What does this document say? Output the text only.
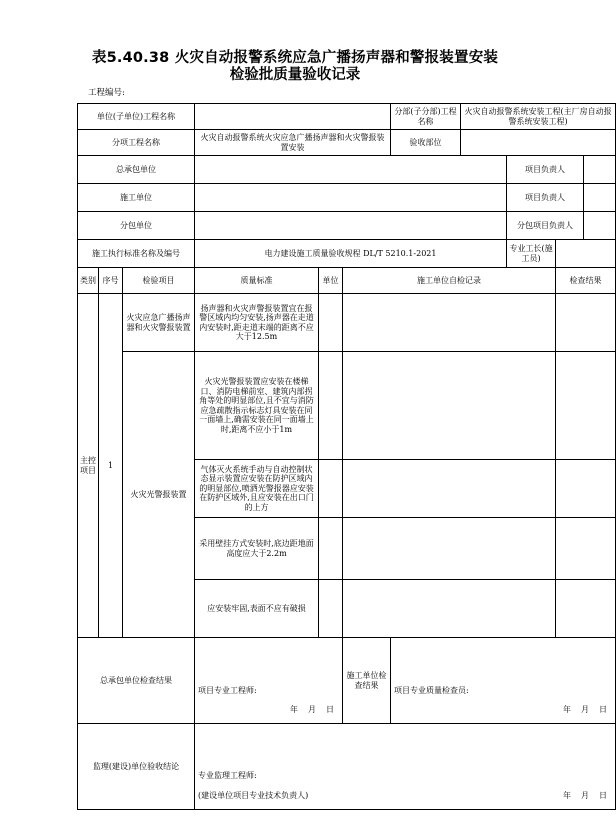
表5.40.38 火灾自动报警系统应急广播扬声器和警报装置安装
检验批质量验收记录
工程编号:
单位(子单位)工程名称						分部(子分部)工程名称	火灾自动报警系统安装工程(主厂房自动报警系统安装工程)			
分项工程名称			火灾自动报警系统火灾应急广播扬声器和火灾警报装置安装			验收部位				
总承包单位								项目负责人		
施工单位								项目负责人		
分包单位								分包项目负责人		
施工执行标准名称及编号			电力建设施工质量验收规程 DL/T 5210.1-2021					专业工长(施工员)		
类别	序号	检验项目	质量标准	单位	施工单位自检记录				检查结果	
主控项目	1	火灾应急广播扬声器和火灾警报装置	扬声器和火灾声警报装置宜在报警区域内均匀安装,扬声器在走道内安装时,距走道末端的距离不应大于12.5m							
		火灾光警报装置	火灾光警报装置应安装在楼梯口、消防电梯前室、建筑内部拐角等处的明显部位,且不宜与消防应急疏散指示标志灯具安装在同一面墙上,确需安装在同一面墙上时,距离不应小于1m							
			气体灭火系统手动与自动控制状态显示装置应安装在防护区域内的明显部位,喷洒光警报器应安装在防护区域外,且应安装在出口门的上方							
			采用壁挂方式安装时,底边距地面高度应大于2.2m							
			应安装牢固,表面不应有破损							
总承包单位检查结果			项目专业工程师:
年 月 日		施工单位检查结果	项目专业质量检查员:
年 月 日				

监理(建设)单位验收结论			专业监理工程师:
(建设单位项目专业技术负责人) 年 月 日							
